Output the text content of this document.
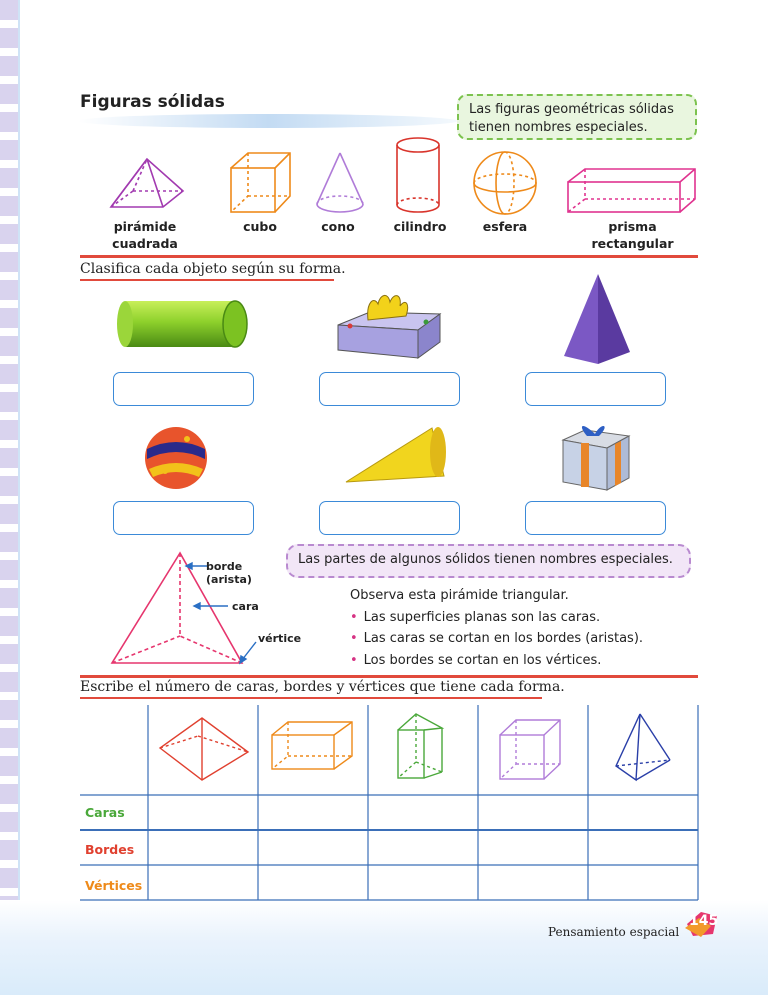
Figuras sólidas	Las figuras geométricas sólidas tienen nombres especiales.
pirámide
cuadrada
cubo	cono	cilindro	esfera	prisma
rectangular
Clasifica cada objeto según su forma.
borde
(arista)
cara
vértice
Las partes de algunos sólidos tienen nombres especiales.
Observa esta pirámide triangular.
• Las superficies planas son las caras.
• Las caras se cortan en los bordes (aristas).
• Los bordes se cortan en los vértices.
Escribe el número de caras, bordes y vértices que tiene cada forma.
Caras
Bordes
Vértices
Pensamiento espacial
145
